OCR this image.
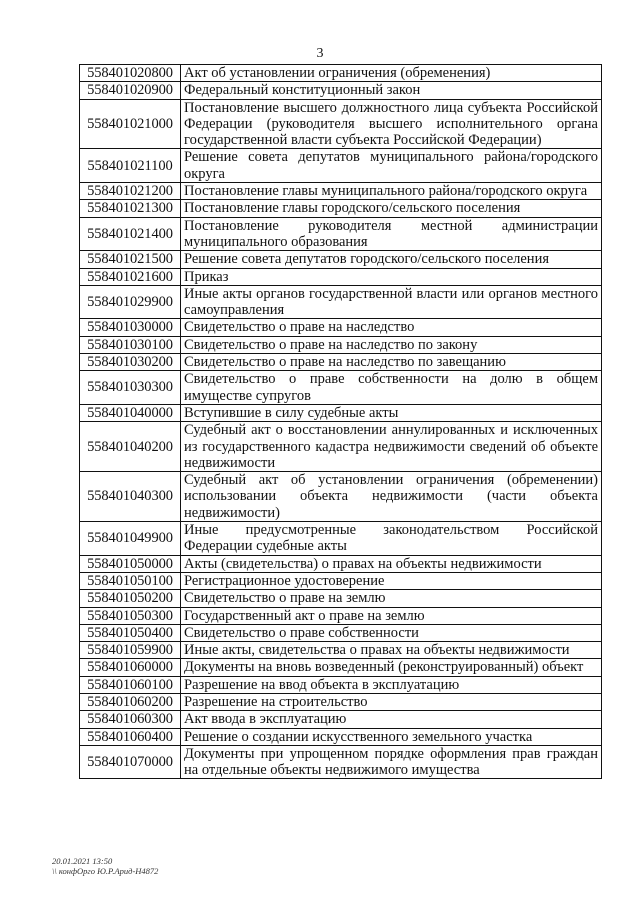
3
558401020800	Акт об установлении ограничения (обременения)
558401020900	Федеральный конституционный закон
558401021000	Постановление высшего должностного лица субъекта Российской Федерации (руководителя высшего исполнительного органа государственной власти субъекта Российской Федерации)
558401021100	Решение совета депутатов муниципального района/городского округа
558401021200	Постановление главы муниципального района/городского округа
558401021300	Постановление главы городского/сельского поселения
558401021400	Постановление руководителя местной администрации муниципального образования
558401021500	Решение совета депутатов городского/сельского поселения
558401021600	Приказ
558401029900	Иные акты органов государственной власти или органов местного самоуправления
558401030000	Свидетельство о праве на наследство
558401030100	Свидетельство о праве на наследство по закону
558401030200	Свидетельство о праве на наследство по завещанию
558401030300	Свидетельство о праве собственности на долю в общем имуществе супругов
558401040000	Вступившие в силу судебные акты
558401040200	Судебный акт о восстановлении аннулированных и исключенных из государственного кадастра недвижимости сведений об объекте недвижимости
558401040300	Судебный акт об установлении ограничения (обременении) использовании объекта недвижимости (части объекта недвижимости)
558401049900	Иные предусмотренные законодательством Российской Федерации судебные акты
558401050000	Акты (свидетельства) о правах на объекты недвижимости
558401050100	Регистрационное удостоверение
558401050200	Свидетельство о праве на землю
558401050300	Государственный акт о праве на землю
558401050400	Свидетельство о праве собственности
558401059900	Иные акты, свидетельства о правах на объекты недвижимости
558401060000	Документы на вновь возведенный (реконструированный) объект
558401060100	Разрешение на ввод объекта в эксплуатацию
558401060200	Разрешение на строительство
558401060300	Акт ввода в эксплуатацию
558401060400	Решение о создании искусственного земельного участка
558401070000	Документы при упрощенном порядке оформления прав граждан на отдельные объекты недвижимого имущества
20.01.2021 13:50
\\ конфОрго Ю.Р.Арид-Н4872
